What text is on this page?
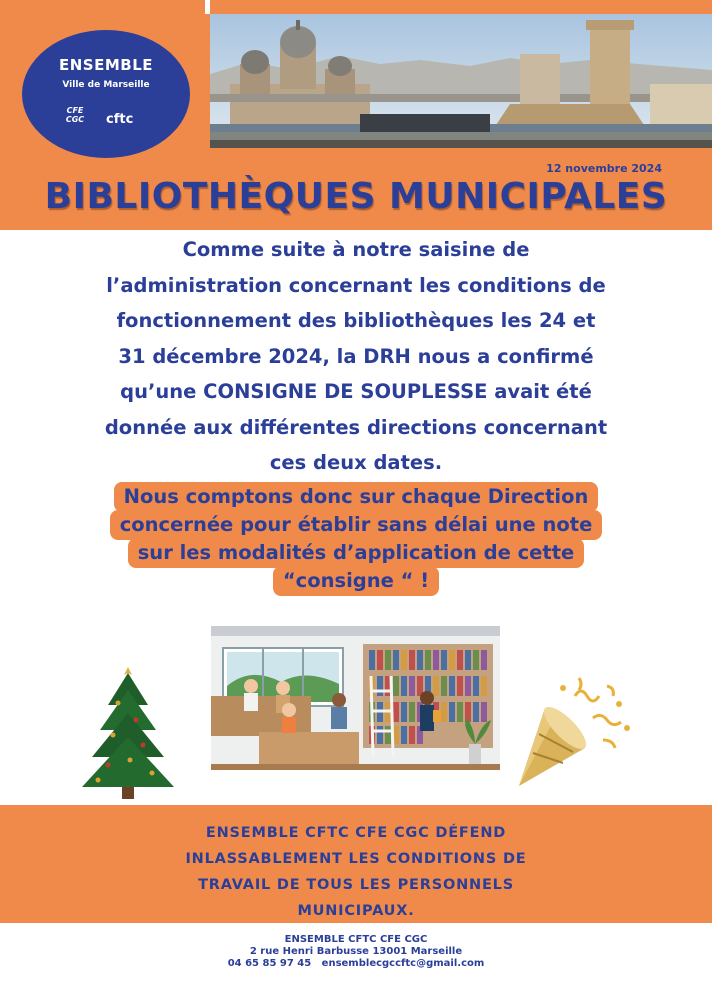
ENSEMBLE
Ville de Marseille
CFE CGC cftc
12 novembre 2024
BIBLIOTHÈQUES MUNICIPALES
Comme suite à notre saisine de
l’administration concernant les conditions de
fonctionnement des bibliothèques les 24 et
31 décembre 2024, la DRH nous a confirmé
qu’une CONSIGNE DE SOUPLESSE avait été
donnée aux différentes directions concernant
ces deux dates.
Nous comptons donc sur chaque Direction
concernée pour établir sans délai une note
sur les modalités d’application de cette
“consigne “ !
ENSEMBLE CFTC CFE CGC DÉFEND
INLASSABLEMENT LES CONDITIONS DE
TRAVAIL DE TOUS LES PERSONNELS
MUNICIPAUX.
ENSEMBLE CFTC CFE CGC
2 rue Henri Barbusse 13001 Marseille
04 65 85 97 45 ensemblecgccftc@gmail.com
